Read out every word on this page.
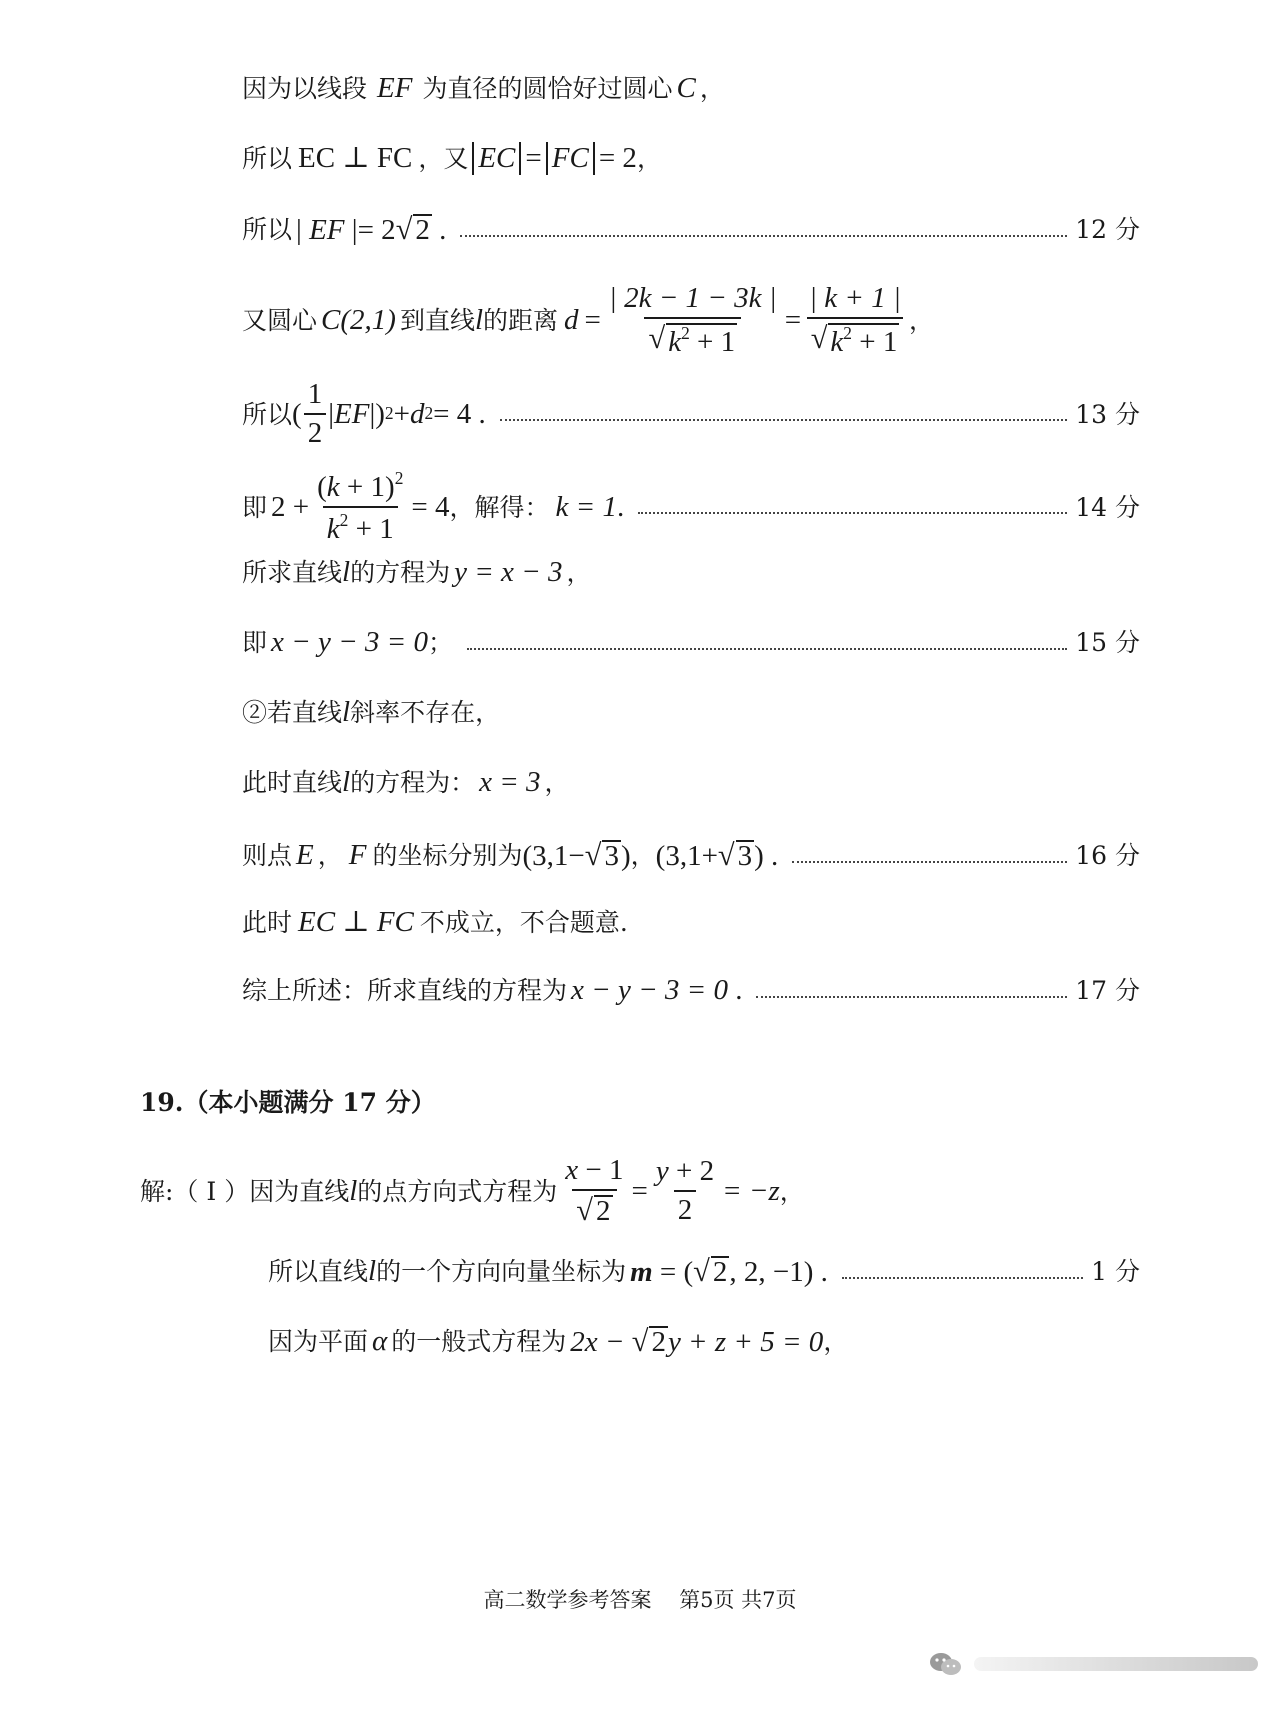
因为以线段 EF 为直径的圆恰好过圆心 C ，
所以 EC ⊥ FC ，又 EC = FC = 2 ，
所以 | EF |= 2 √ 2 .	12 分
又圆心 C(2,1) 到直线 l 的距离 $d = \frac{| 2k - 1 - 3k |}{√ k^2 + 1} = \frac{| k + 1 |}{√ k^2 + 1}$ ，
所以 ( $\frac{1}{2}$ | EF |) 2 + d 2 = 4 .	13 分
即 $2 + \frac{(k + 1)^2}{k^2 + 1} = 4$ ，解得： k = 1.	14 分
所求直线 l 的方程为 y = x − 3 ，
即 x − y − 3 = 0 ；	15 分
②若直线 l 斜率不存在，
此时直线 l 的方程为： x = 3 ，
则点 E ， F 的坐标分别为 (3,1− √ 3 ) ， (3,1+ √ 3 ) .	16 分
此时 EC ⊥ FC 不成立，不合题意.
综上所述：所求直线的方程为 x − y − 3 = 0 .	17 分
19.（本小题满分 17 分）
解:（ Ⅰ ）因为直线 l 的点方向式方程为 $\frac{x - 1}{√ 2} = \frac{y + 2}{2} = -z$ ，
所以直线 l 的一个方向向量坐标为 m = ( √ 2 , 2, −1) .	1 分
因为平面 α 的一般式方程为 2x − √ 2 y + z + 5 = 0 ，
高二数学参考答案　 第5页 共7页
